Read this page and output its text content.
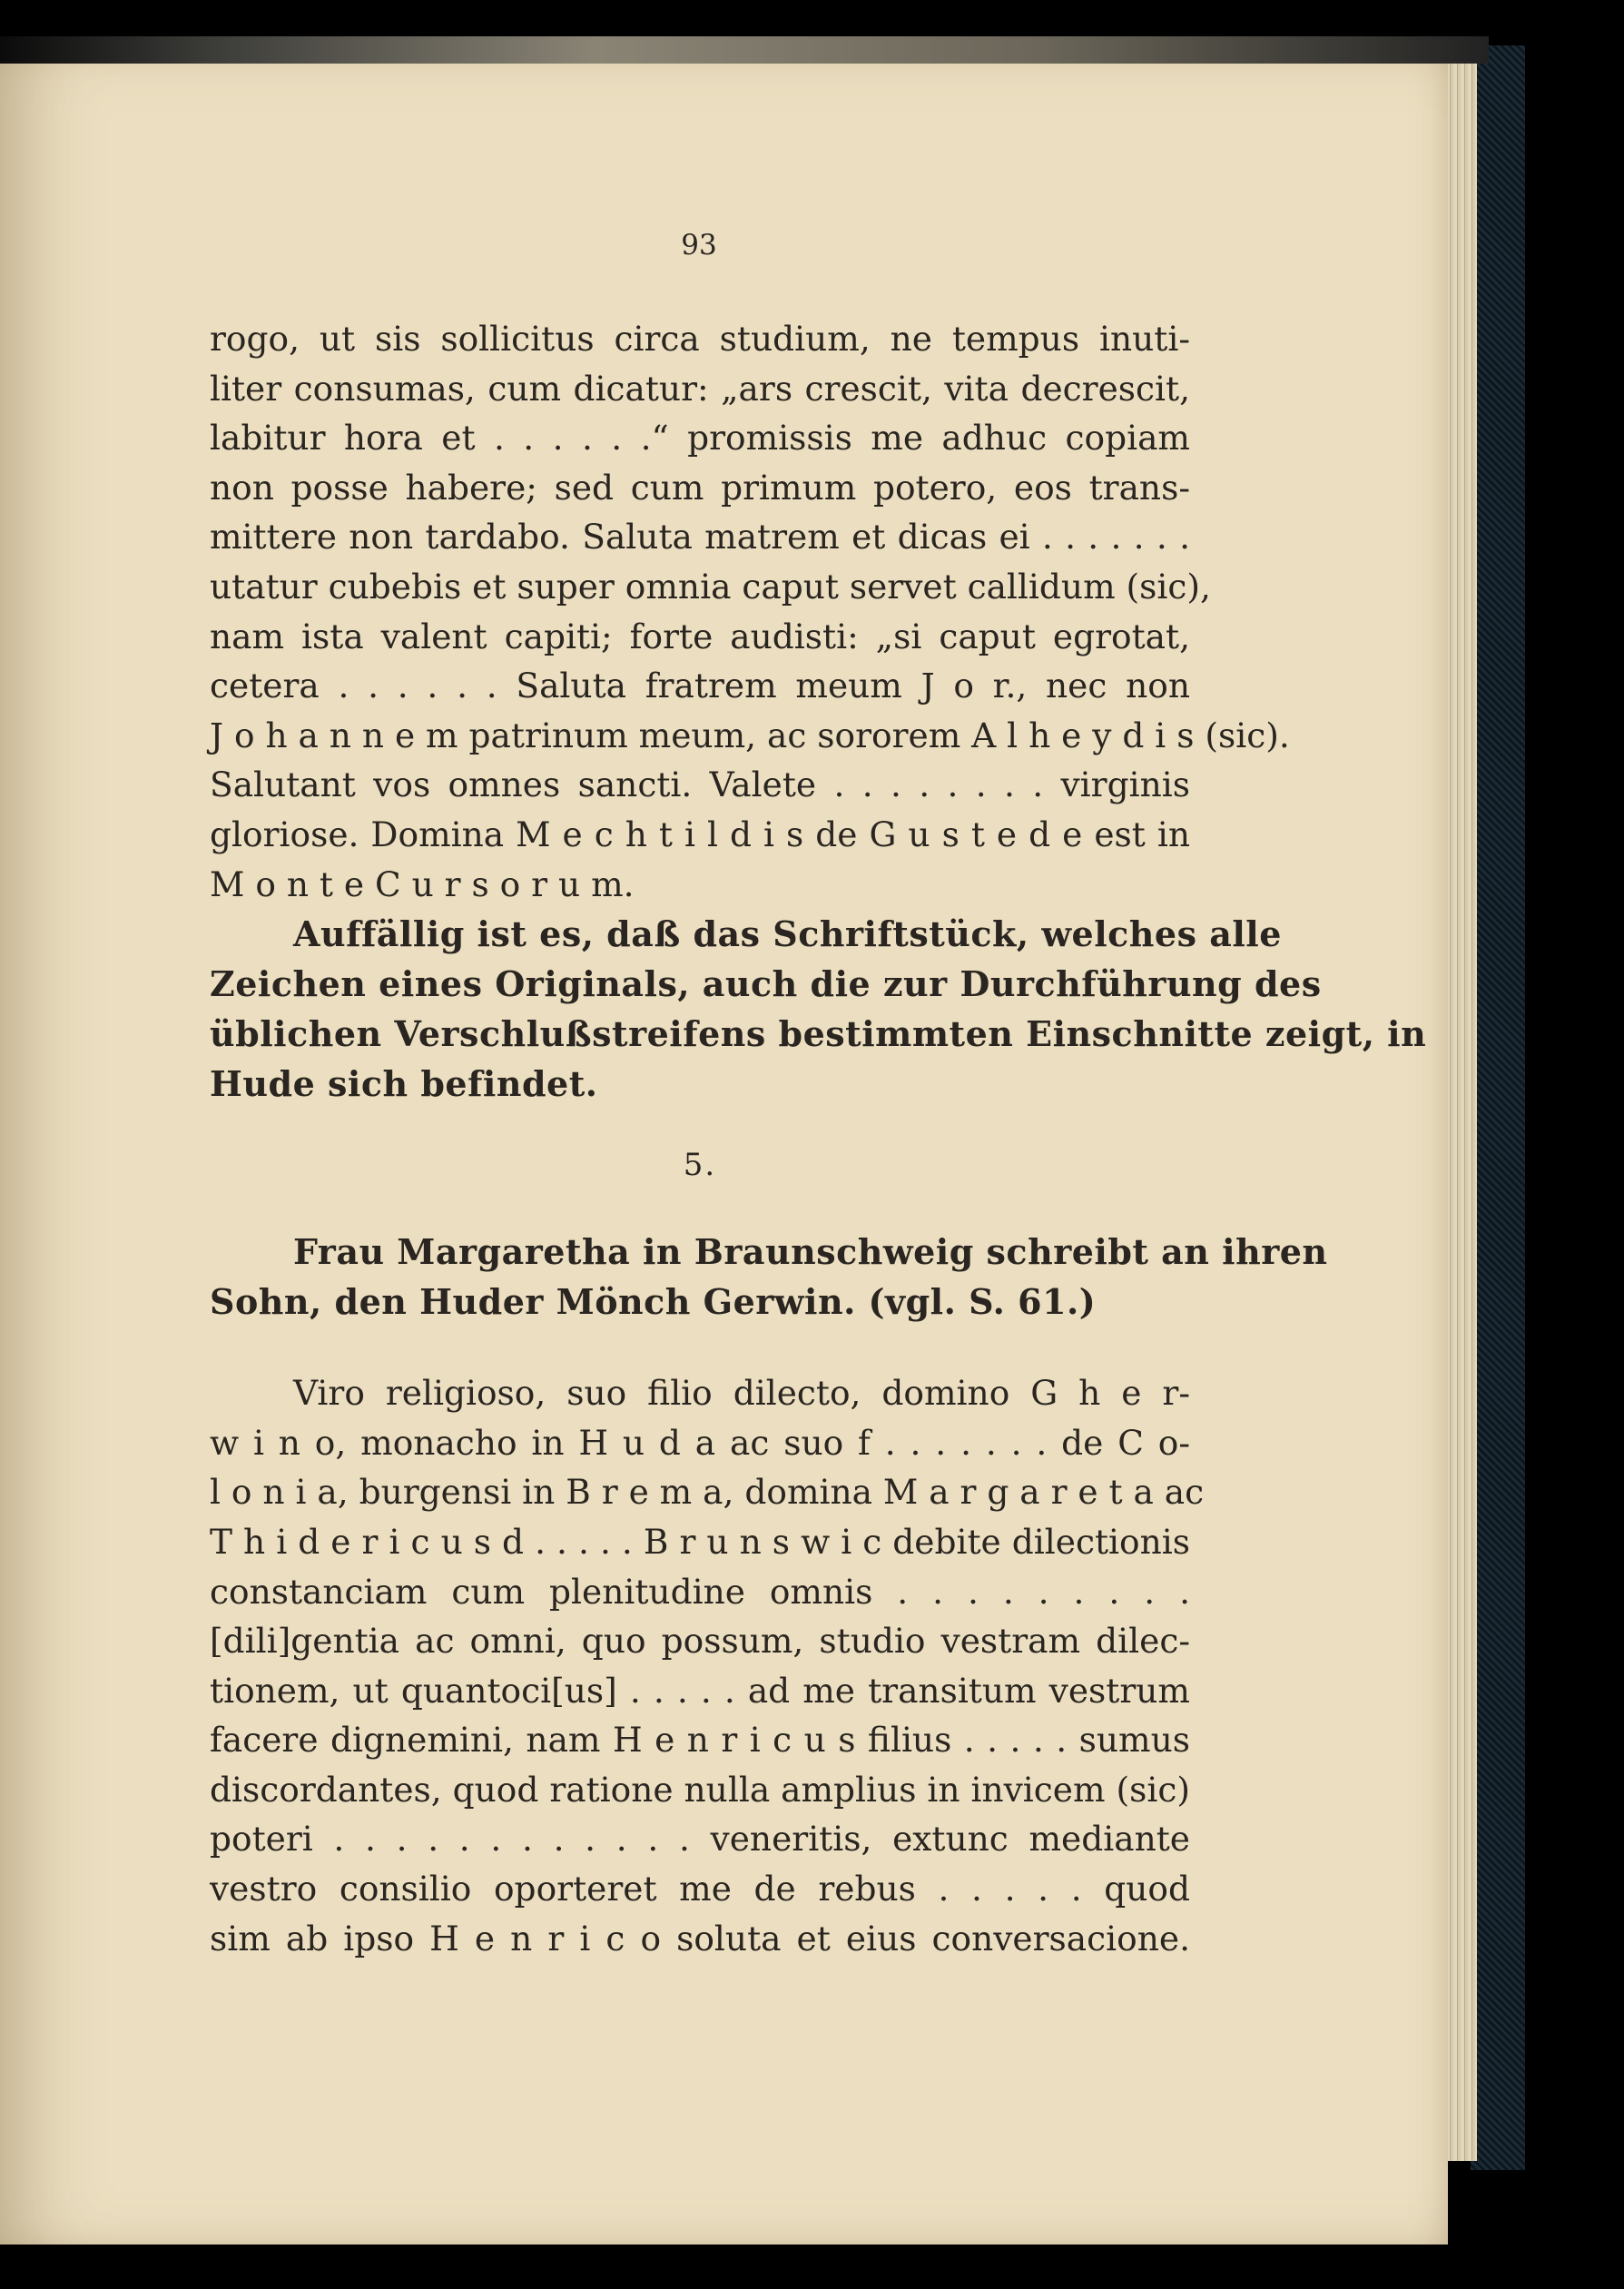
93
rogo, ut sis sollicitus circa studium, ne tempus inuti-
liter consumas, cum dicatur: „ars crescit, vita decrescit,
labitur hora et . . . . . .“ promissis me adhuc copiam
non posse habere; sed cum primum potero, eos trans-
mittere non tardabo. Saluta matrem et dicas ei . . . . . . .
utatur cubebis et super omnia caput servet callidum (sic),
nam ista valent capiti; forte audisti: „si caput egrotat,
cetera . . . . . . Saluta fratrem meum J o r., nec non
J o h a n n e m patrinum meum, ac sororem A l h e y d i s (sic).
Salutant vos omnes sancti. Valete . . . . . . . . virginis
gloriose. Domina M e c h t i l d i s de G u s t e d e est in
M o n t e C u r s o r u m.
Auffällig ist es, daß das Schriftstück, welches alle
Zeichen eines Originals, auch die zur Durchführung des
üblichen Verschlußstreifens bestimmten Einschnitte zeigt, in
Hude sich befindet.
5.
Frau Margaretha in Braunschweig schreibt an ihren
Sohn, den Huder Mönch Gerwin. (vgl. S. 61.)
Viro religioso, suo filio dilecto, domino G h e r-
w i n o, monacho in H u d a ac suo f . . . . . . . de C o-
l o n i a, burgensi in B r e m a, domina M a r g a r e t a ac
T h i d e r i c u s d . . . . . B r u n s w i c debite dilectionis
constanciam cum plenitudine omnis . . . . . . . . .
[dili]gentia ac omni, quo possum, studio vestram dilec-
tionem, ut quantoci[us] . . . . . ad me transitum vestrum
facere dignemini, nam H e n r i c u s filius . . . . . sumus
discordantes, quod ratione nulla amplius in invicem (sic)
poteri . . . . . . . . . . . . veneritis, extunc mediante
vestro consilio oporteret me de rebus . . . . . quod
sim ab ipso H e n r i c o soluta et eius conversacione.
